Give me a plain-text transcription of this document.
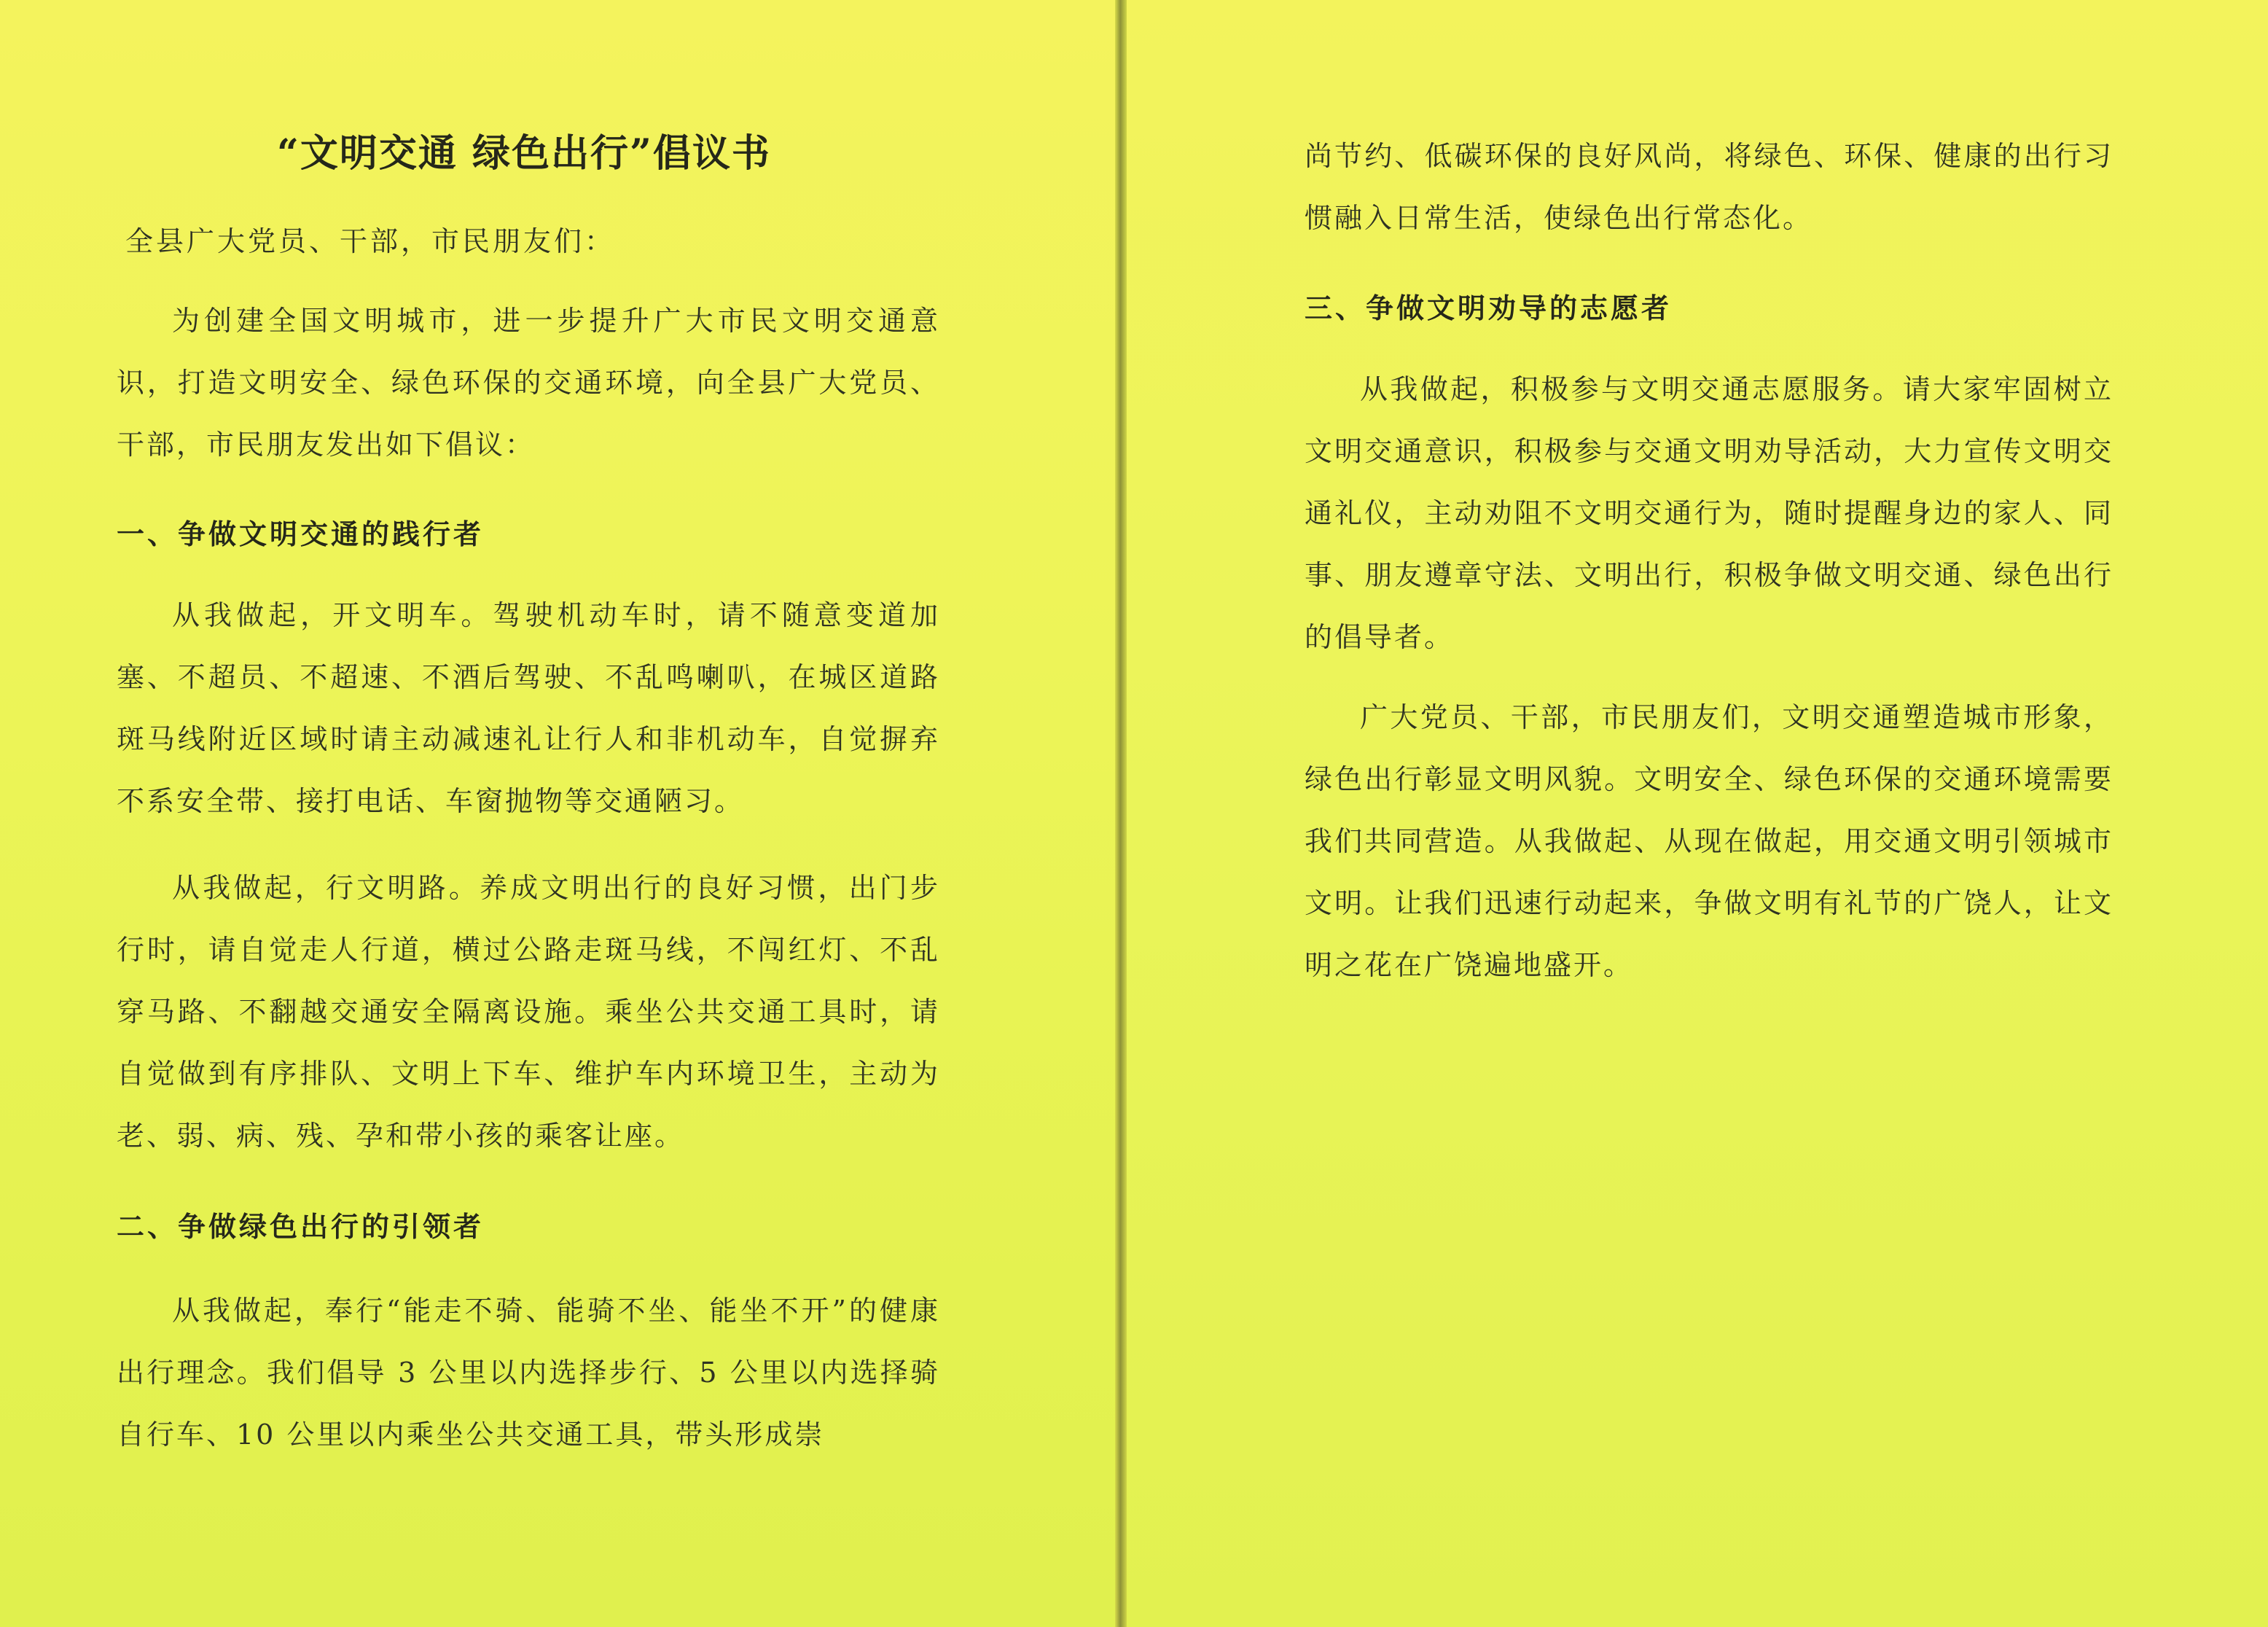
“文明交通 绿色出行”倡议书

全县广大党员、干部，市民朋友们：

为创建全国文明城市，进一步提升广大市民文明交通意识，打造文明安全、绿色环保的交通环境，向全县广大党员、干部，市民朋友发出如下倡议：

一、争做文明交通的践行者

从我做起，开文明车。驾驶机动车时，请不随意变道加塞、不超员、不超速、不酒后驾驶、不乱鸣喇叭，在城区道路斑马线附近区域时请主动减速礼让行人和非机动车，自觉摒弃不系安全带、接打电话、车窗抛物等交通陋习。

从我做起，行文明路。养成文明出行的良好习惯，出门步行时，请自觉走人行道，横过公路走斑马线，不闯红灯、不乱穿马路、不翻越交通安全隔离设施。乘坐公共交通工具时，请自觉做到有序排队、文明上下车、维护车内环境卫生，主动为老、弱、病、残、孕和带小孩的乘客让座。

二、争做绿色出行的引领者

从我做起，奉行“能走不骑、能骑不坐、能坐不开”的健康出行理念。我们倡导 3 公里以内选择步行、5 公里以内选择骑自行车、10 公里以内乘坐公共交通工具，带头形成崇

尚节约、低碳环保的良好风尚，将绿色、环保、健康的出行习惯融入日常生活，使绿色出行常态化。

三、争做文明劝导的志愿者

从我做起，积极参与文明交通志愿服务。请大家牢固树立文明交通意识，积极参与交通文明劝导活动，大力宣传文明交通礼仪，主动劝阻不文明交通行为，随时提醒身边的家人、同事、朋友遵章守法、文明出行，积极争做文明交通、绿色出行的倡导者。

广大党员、干部，市民朋友们，文明交通塑造城市形象，绿色出行彰显文明风貌。文明安全、绿色环保的交通环境需要我们共同营造。从我做起、从现在做起，用交通文明引领城市文明。让我们迅速行动起来，争做文明有礼节的广饶人，让文明之花在广饶遍地盛开。
